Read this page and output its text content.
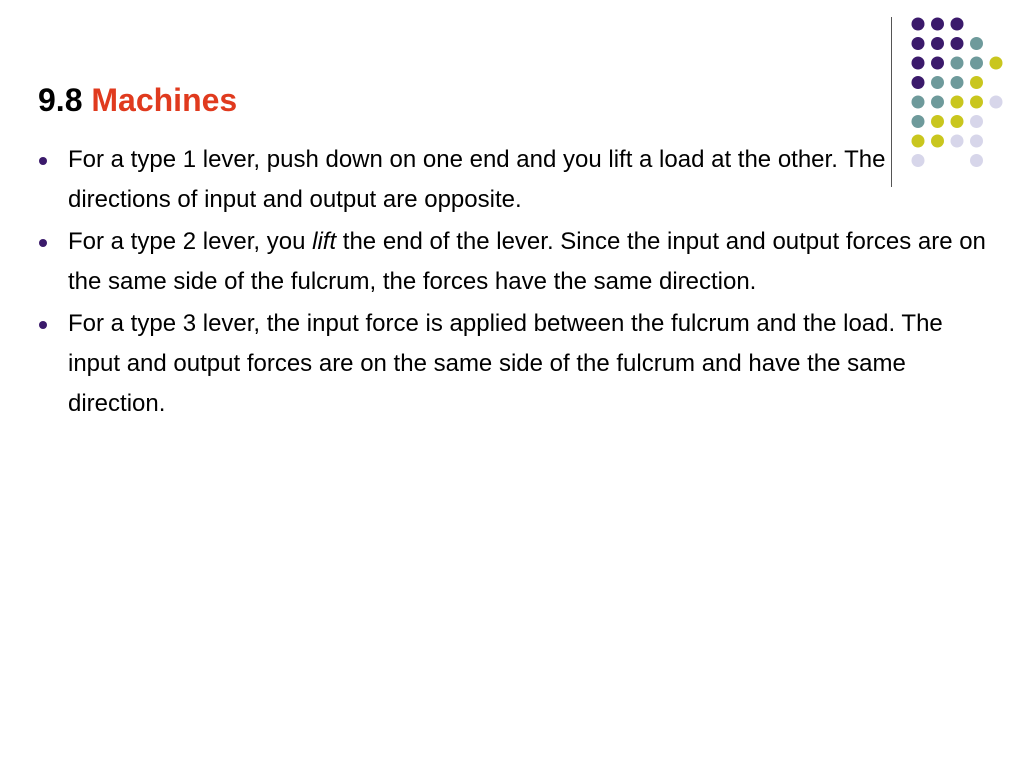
9.8 Machines
For a type 1 lever, push down on one end and you lift a load at the other. The directions of input and output are opposite.
For a type 2 lever, you lift the end of the lever. Since the input and output forces are on the same side of the fulcrum, the forces have the same direction.
For a type 3 lever, the input force is applied between the fulcrum and the load. The input and output forces are on the same side of the fulcrum and have the same direction.
